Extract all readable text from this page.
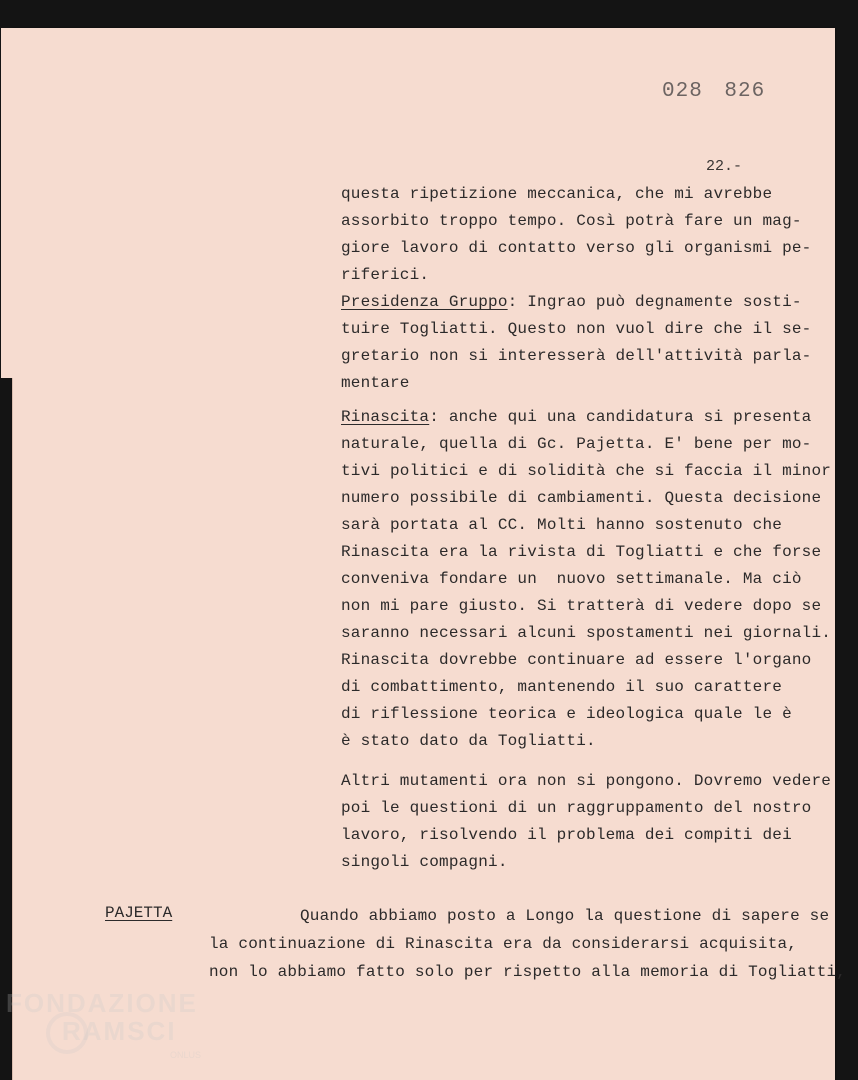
028 826
22.-
questa ripetizione meccanica, che mi avrebbe
assorbito troppo tempo. Così potrà fare un mag-
giore lavoro di contatto verso gli organismi pe-
riferici.
Presidenza Gruppo: Ingrao può degnamente sosti-
tuire Togliatti. Questo non vuol dire che il se-
gretario non si interesserà dell'attività parla-
mentare
Rinascita: anche qui una candidatura si presenta
naturale, quella di Gc. Pajetta. E' bene per mo-
tivi politici e di solidità che si faccia il minor
numero possibile di cambiamenti. Questa decisione
sarà portata al CC. Molti hanno sostenuto che
Rinascita era la rivista di Togliatti e che forse
conveniva fondare un  nuovo settimanale. Ma ciò
non mi pare giusto. Si tratterà di vedere dopo se
saranno necessari alcuni spostamenti nei giornali.
Rinascita dovrebbe continuare ad essere l'organo
di combattimento, mantenendo il suo carattere
di riflessione teorica e ideologica quale le è
è stato dato da Togliatti.
Altri mutamenti ora non si pongono. Dovremo vedere
poi le questioni di un raggruppamento del nostro
lavoro, risolvendo il problema dei compiti dei
singoli compagni.
PAJETTA	Quando abbiamo posto a Longo la questione di sapere se
la continuazione di Rinascita era da considerarsi acquisita,
non lo abbiamo fatto solo per rispetto alla memoria di Togliatti,
FONDAZIONE
RAMSCI
ONLUS
